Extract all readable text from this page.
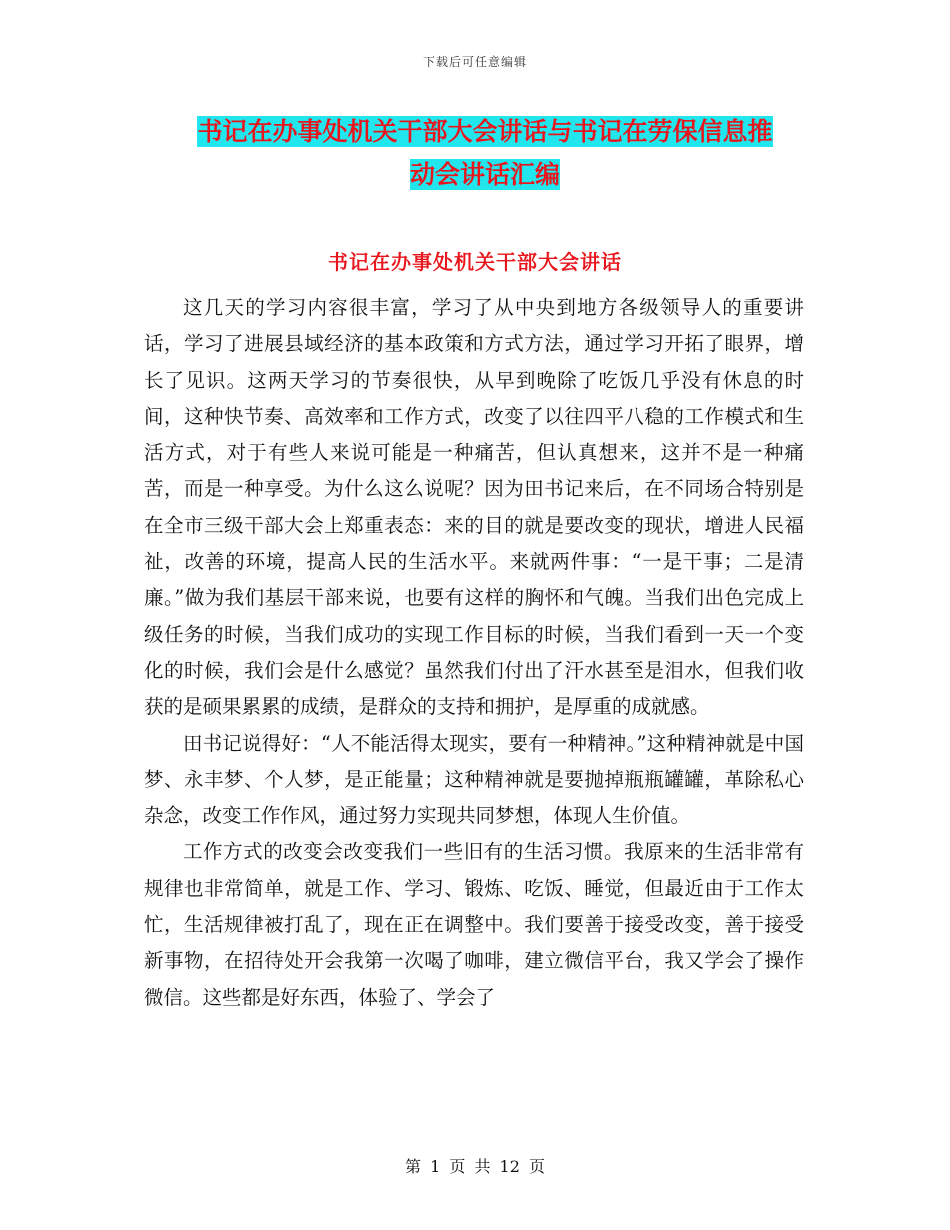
下载后可任意编辑
书记在办事处机关干部大会讲话与书记在劳保信息推
动会讲话汇编
书记在办事处机关干部大会讲话

这几天的学习内容很丰富，学习了从中央到地方各级领导人的重要讲话，学习了进展县域经济的基本政策和方式方法，通过学习开拓了眼界，增长了见识。这两天学习的节奏很快，从早到晚除了吃饭几乎没有休息的时间，这种快节奏、高效率和工作方式，改变了以往四平八稳的工作模式和生活方式，对于有些人来说可能是一种痛苦，但认真想来，这并不是一种痛苦，而是一种享受。为什么这么说呢？因为田书记来后，在不同场合特别是在全市三级干部大会上郑重表态：来的目的就是要改变的现状，增进人民福祉，改善的环境，提高人民的生活水平。来就两件事：“一是干事；二是清廉。”做为我们基层干部来说，也要有这样的胸怀和气魄。当我们出色完成上级任务的时候，当我们成功的实现工作目标的时候，当我们看到一天一个变化的时候，我们会是什么感觉？虽然我们付出了汗水甚至是泪水，但我们收获的是硕果累累的成绩，是群众的支持和拥护，是厚重的成就感。

田书记说得好：“人不能活得太现实，要有一种精神。”这种精神就是中国梦、永丰梦、个人梦，是正能量；这种精神就是要抛掉瓶瓶罐罐，革除私心杂念，改变工作作风，通过努力实现共同梦想，体现人生价值。

工作方式的改变会改变我们一些旧有的生活习惯。我原来的生活非常有规律也非常简单，就是工作、学习、锻炼、吃饭、睡觉，但最近由于工作太忙，生活规律被打乱了，现在正在调整中。我们要善于接受改变，善于接受新事物，在招待处开会我第一次喝了咖啡，建立微信平台，我又学会了操作微信。这些都是好东西，体验了、学会了

第 1 页 共 12 页
